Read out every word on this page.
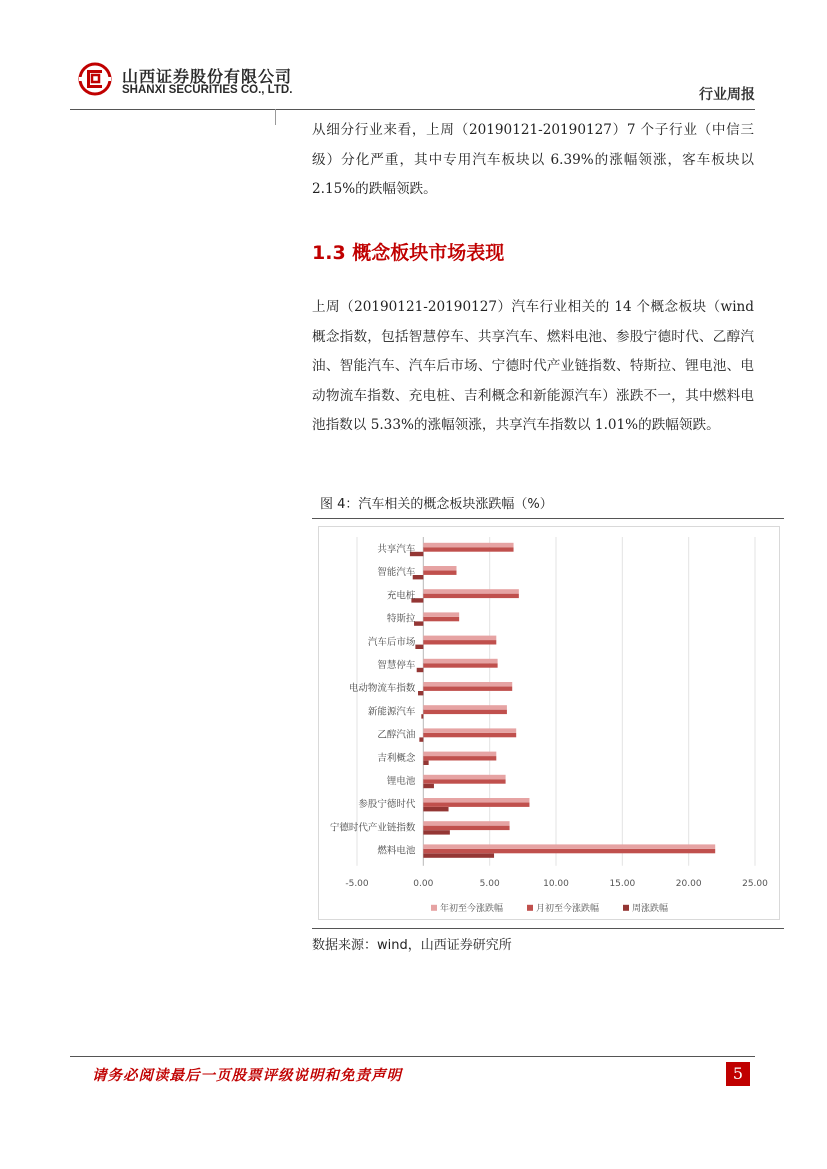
山西证券股份有限公司
SHANXI SECURITIES CO., LTD.	行业周报
从细分行业来看，上周（20190121-20190127）7 个子行业（中信三级）分化严重，其中专用汽车板块以 6.39%的涨幅领涨，客车板块以 2.15%的跌幅领跌。
1.3 概念板块市场表现
上周（20190121-20190127）汽车行业相关的 14 个概念板块（wind 概念指数，包括智慧停车、共享汽车、燃料电池、参股宁德时代、乙醇汽油、智能汽车、汽车后市场、宁德时代产业链指数、特斯拉、锂电池、电动物流车指数、充电桩、吉利概念和新能源汽车）涨跌不一，其中燃料电池指数以 5.33%的涨幅领涨，共享汽车指数以 1.01%的跌幅领跌。
图 4：汽车相关的概念板块涨跌幅（%）
共享汽车
智能汽车
充电桩
特斯拉
汽车后市场
智慧停车
电动物流车指数
新能源汽车
乙醇汽油
吉利概念
锂电池
参股宁德时代
宁德时代产业链指数
燃料电池
-5.00	0.00	5.00	10.00	15.00	20.00	25.00
年初至今涨跌幅	月初至今涨跌幅	周涨跌幅
数据来源：wind，山西证券研究所
请务必阅读最后一页股票评级说明和免责声明	5
